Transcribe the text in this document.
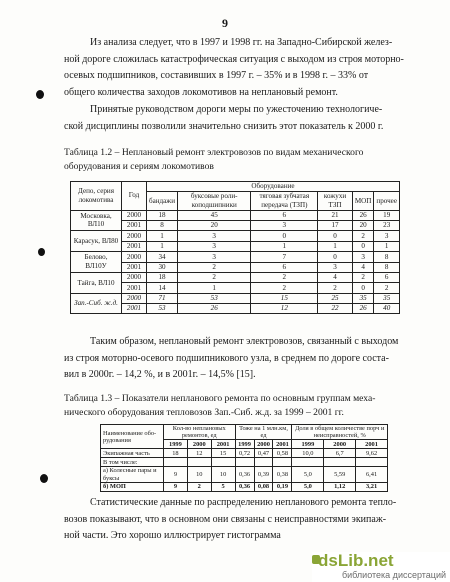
9
Из анализа следует, что в 1997 и 1998 гг. на Западно-Сибирской желез-
ной дороге сложилась катастрофическая ситуация с выходом из строя моторно-
осевых подшипников, составивших в 1997 г. – 35% и в 1998 г. – 33% от
общего количества заходов локомотивов на неплановый ремонт.
Принятые руководством дороги меры по ужесточению технологиче-
ской дисциплины позволили значительно снизить этот показатель к 2000 г.
Таблица 1.2 – Неплановый ремонт электровозов по видам механического
оборудования и сериям локомотивов
Депо, серия локомотива	Год	Оборудование					
		бандажи	буксовые роли-коподшипники	тяговая зубчатая передача (ТЗП)	кожухи ТЗП	МОП	прочее
Московка, ВЛ10	2000	18	45	6	21	26	19
	2001	8	20	3	17	20	23
Карасук, ВЛ80	2000	1	3	0	0	2	3
	2001	1	3	1	1	0	1
Белово, ВЛ10У	2000	34	3	7	0	3	8
	2001	30	2	6	3	4	8
Тайга, ВЛ10	2000	18	2	2	4	2	6
	2001	14	1	2	2	0	2
Зап.-Сиб. ж.д.	2000	71	53	15	25	35	35
	2001	53	26	12	22	26	40
Таким образом, неплановый ремонт электровозов, связанный с выходом
из строя моторно-осевого подшипникового узла, в среднем по дороге соста-
вил в 2000г. – 14,2 %, и в 2001г. – 14,5% [15].
Таблица 1.3 – Показатели непланового ремонта по основным группам меха-
нического оборудования тепловозов Зап.-Сиб. ж.д. за 1999 – 2001 гг.
Наименование обо-рудования	Кол-во неплановых ремонтов, ед			Тоже на 1 млн.км, ед			Доля в общем количестве порч и неисправностей, %		
	1999	2000	2001	1999	2000	2001	1999	2000	2001
Экипажная часть	18	12	15	0,72	0,47	0,58	10,0	6,7	9,62
В том числе:									
а) Колесные пары и буксы	9	10	10	0,36	0,39	0,38	5,0	5,59	6,41
б) МОП	9	2	5	0,36	0,08	0,19	5,0	1,12	3,21
Статистические данные по распределению непланового ремонта тепло-
возов показывают, что в основном они связаны с неисправностями экипаж-
ной части. Это хорошо иллюстрирует гистограмма
dsLib.net
библиотека диссертаций
